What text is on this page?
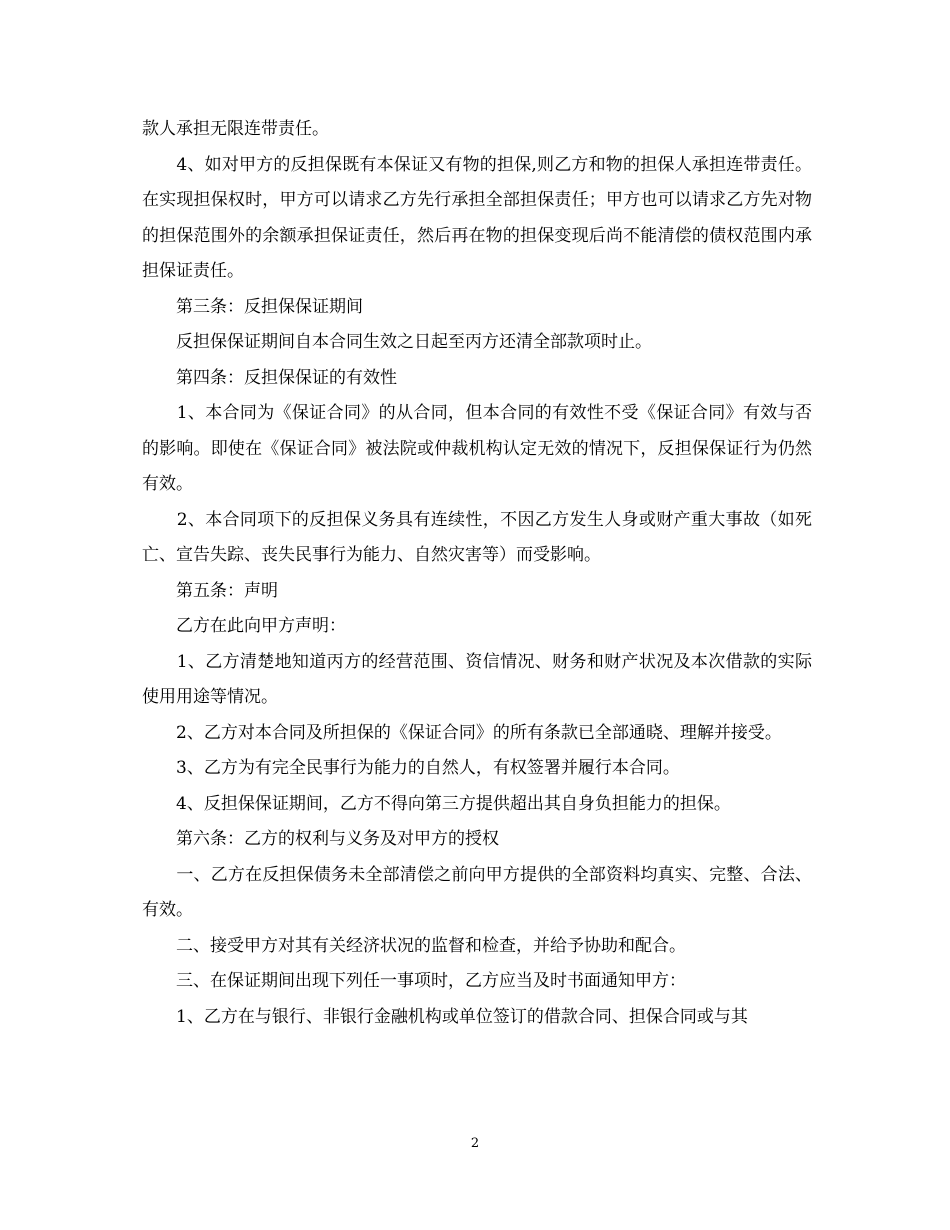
款人承担无限连带责任。

　　4、如对甲方的反担保既有本保证又有物的担保,则乙方和物的担保人承担连带责任。在实现担保权时，甲方可以请求乙方先行承担全部担保责任；甲方也可以请求乙方先对物的担保范围外的余额承担保证责任，然后再在物的担保变现后尚不能清偿的债权范围内承担保证责任。

　　第三条：反担保保证期间

　　反担保保证期间自本合同生效之日起至丙方还清全部款项时止。

　　第四条：反担保保证的有效性

　　1、本合同为《保证合同》的从合同，但本合同的有效性不受《保证合同》有效与否的影响。即使在《保证合同》被法院或仲裁机构认定无效的情况下，反担保保证行为仍然有效。

　　2、本合同项下的反担保义务具有连续性，不因乙方发生人身或财产重大事故（如死亡、宣告失踪、丧失民事行为能力、自然灾害等）而受影响。

　　第五条：声明

　　乙方在此向甲方声明：

　　1、乙方清楚地知道丙方的经营范围、资信情况、财务和财产状况及本次借款的实际使用用途等情况。

　　2、乙方对本合同及所担保的《保证合同》的所有条款已全部通晓、理解并接受。

　　3、乙方为有完全民事行为能力的自然人，有权签署并履行本合同。

　　4、反担保保证期间，乙方不得向第三方提供超出其自身负担能力的担保。

　　第六条：乙方的权利与义务及对甲方的授权

　　一、乙方在反担保债务未全部清偿之前向甲方提供的全部资料均真实、完整、合法、有效。

　　二、接受甲方对其有关经济状况的监督和检查，并给予协助和配合。

　　三、在保证期间出现下列任一事项时，乙方应当及时书面通知甲方：

　　1、乙方在与银行、非银行金融机构或单位签订的借款合同、担保合同或与其

2
